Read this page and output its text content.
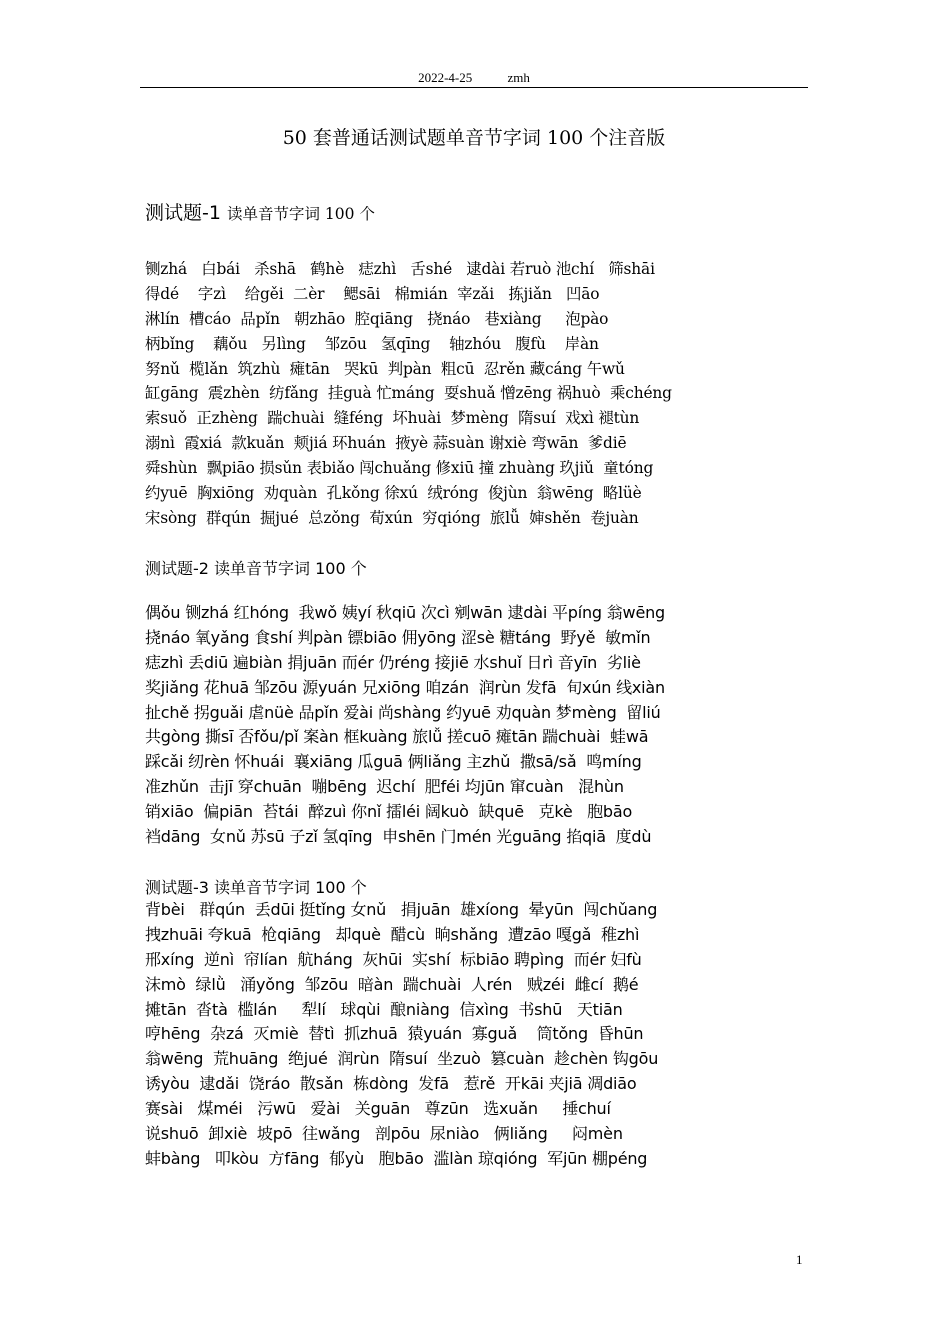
2022-4-25	zmh
50 套普通话测试题单音节字词 100 个注音版
测试题-1 读单音节字词 100 个
铡zhá   白bái   杀shā   鹤hè   痣zhì   舌shé   逮dài 若ruò 池chí   筛shāi
得dé    字zì    给gěi  二èr    鳃sāi   棉mián  宰zǎi   拣jiǎn   凹āo
淋lín  槽cáo  品pǐn   朝zhāo  腔qiāng   挠náo   巷xiàng     泡pào
柄bǐng    藕ǒu   另lìng    邹zōu   氢qīng    轴zhóu   腹fù    岸àn
努nǔ  榄lǎn  筑zhù  瘫tān   哭kū  判pàn  粗cū  忍rěn 藏cáng 午wǔ
缸gāng  震zhèn  纺fǎng  挂guà 忙máng  耍shuǎ 憎zēng 祸huò  乘chéng
索suǒ  正zhèng  踹chuài  缝féng  坏huài  梦mèng  隋suí  戏xì 褪tùn
溺nì  霞xiá  款kuǎn  颊jiá 环huán  掖yè 蒜suàn 谢xiè 弯wān  爹diē
舜shùn  飘piāo 损sǔn 表biǎo 闯chuǎng 修xiū 撞 zhuàng 玖jiǔ  童tóng
约yuē  胸xiōng  劝quàn  孔kǒng 徐xú  绒róng  俊jùn  翁wēng  略lüè
宋sòng  群qún  掘jué  总zǒng  荀xún  穷qióng  旅lǚ  婶shěn  卷juàn
测试题-2 读单音节字词 100 个
偶ǒu 铡zhá 红hóng  我wǒ 姨yí 秋qiū 次cì 剜wān 逮dài 平píng 翁wēng
挠náo 氧yǎng 食shí 判pàn 镖biāo 佣yōng 涩sè 糖táng  野yě  敏mǐn
痣zhì 丢diū 遍biàn 捐juān 而ér 仍réng 接jiē 水shuǐ 日rì 音yīn  劣liè
奖jiǎng 花huā 邹zōu 源yuán 兄xiōng 咱zán  润rùn 发fā  旬xún 线xiàn
扯chě 拐guǎi 虐nüè 品pǐn 爱ài 尚shàng 约yuē 劝quàn 梦mèng  留liú
共gòng 撕sī 否fǒu/pǐ 案àn 框kuàng 旅lǚ 搓cuō 瘫tān 踹chuài  蛙wā
踩cǎi 纫rèn 怀huái  襄xiāng 瓜guā 俩liǎng 主zhǔ  撒sā/sǎ  鸣míng
准zhǔn  击jī 穿chuān  嘣bēng  迟chí  肥féi 均jūn 窜cuàn   混hùn
销xiāo  偏piān  苔tái  醉zuì 你nǐ 擂léi 阔kuò  缺quē   克kè   胞bāo
裆dāng  女nǔ 苏sū 子zǐ 氢qīng  申shēn 门mén 光guāng 掐qiā  度dù
测试题-3 读单音节字词 100 个
背bèi   群qún  丢dūi 挺tǐng 女nǔ   捐juān  雄xíong  晕yūn  闯chǔang
拽zhuāi 夸kuā  枪qiāng   却què  醋cù  晌shǎng  遭zāo 嘎gǎ  稚zhì
邢xíng  逆nì  帘lían  航háng  灰hūi  实shí  标biāo 聘pìng  而ér 妇fù
沫mò  绿lǜ   涌yǒng  邹zōu  暗àn  踹chuài  人rén   贼zéi  雌cí  鹅é
摊tān  沓tà  槛lán     犁lí   球qùi  酿niàng  信xìng  书shū   天tiān
哼hēng  杂zá  灭miè  替tì  抓zhuā  猿yuán  寡guǎ    筒tǒng  昏hūn
翁wēng  荒huāng  绝jué  润rùn  隋suí  坐zuò  篡cuàn  趁chèn 钩gōu
诱yòu  逮dǎi  饶ráo  散sǎn  栋dòng  发fā   惹rě  开kāi 夹jiā 凋diāo
赛sài   煤méi   污wū   爱ài   关guān   尊zūn   选xuǎn     捶chuí
说shuō  卸xiè  坡pō  往wǎng   剖pōu  尿niào   俩liǎng     闷mèn
蚌bàng   叩kòu  方fāng  郁yù   胞bāo  滥làn 琼qióng  军jūn 棚péng
1
